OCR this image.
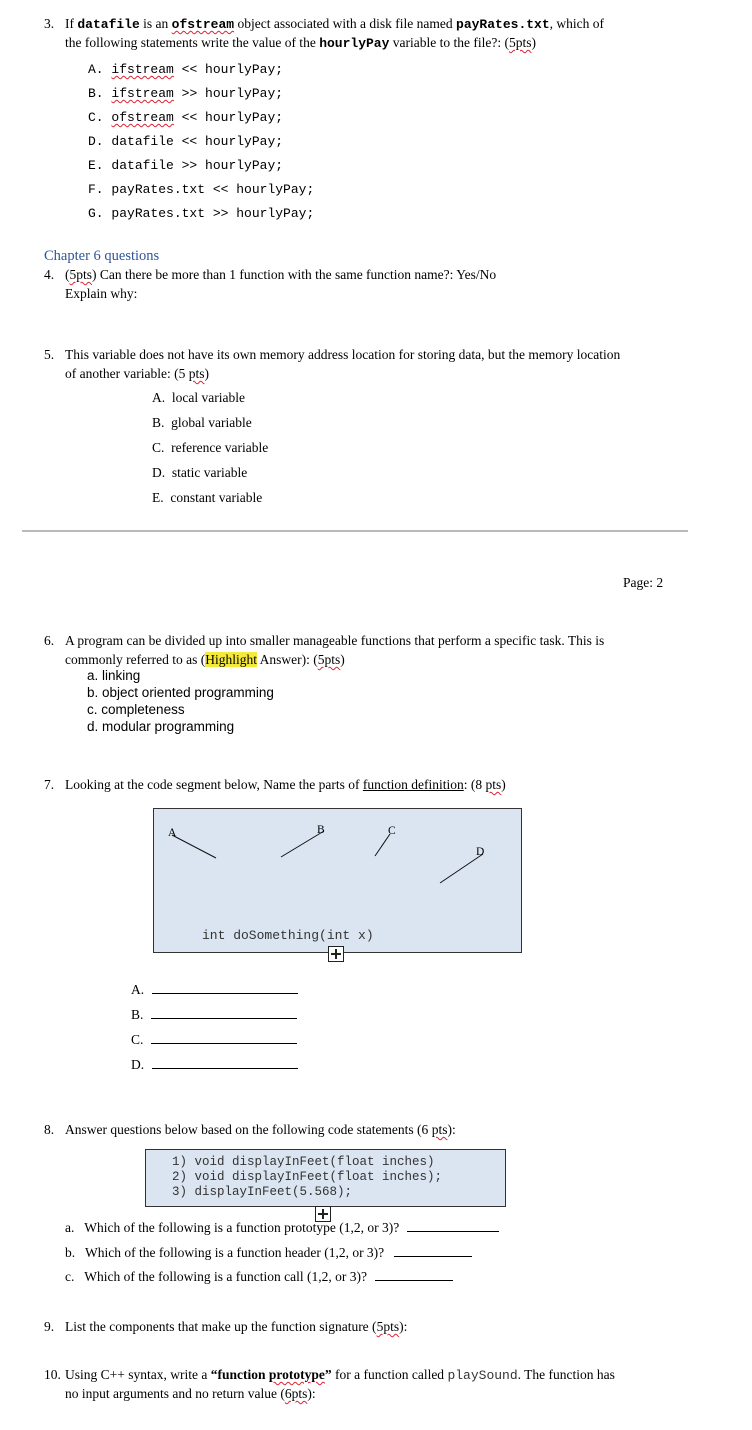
3. If datafile is an ofstream object associated with a disk file named payRates.txt, which of
the following statements write the value of the hourlyPay variable to the file?: (5pts)
A. ifstream << hourlyPay;
B. ifstream >> hourlyPay;
C. ofstream << hourlyPay;
D. datafile << hourlyPay;
E. datafile >> hourlyPay;
F. payRates.txt << hourlyPay;
G. payRates.txt >> hourlyPay;
Chapter 6 questions
4. (5pts) Can there be more than 1 function with the same function name?: Yes/No
Explain why:
5. This variable does not have its own memory address location for storing data, but the memory location
of another variable: (5 pts)
A. local variable
B. global variable
C. reference variable
D. static variable
E. constant variable
Page: 2
6. A program can be divided up into smaller manageable functions that perform a specific task. This is
commonly referred to as (Highlight Answer): (5pts)
a. linking
b. object oriented programming
c. completeness
d. modular programming
7. Looking at the code segment below, Name the parts of function definition: (8 pts)
A	B	C
D
int doSomething(int x)
A.
B.
C.
D.
8. Answer questions below based on the following code statements (6 pts):
1) void displayInFeet(float inches)
2) void displayInFeet(float inches);
3) displayInFeet(5.568);
a. Which of the following is a function prototype (1,2, or 3)?
b. Which of the following is a function header (1,2, or 3)?
c. Which of the following is a function call (1,2, or 3)?
9. List the components that make up the function signature (5pts):
10. Using C++ syntax, write a “function prototype” for a function called playSound. The function has
no input arguments and no return value (6pts):
